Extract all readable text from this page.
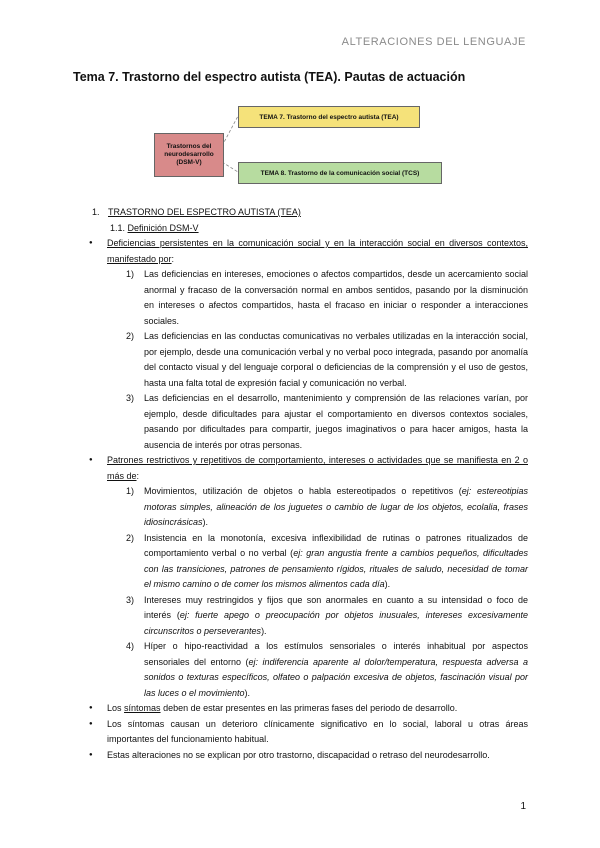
ALTERACIONES DEL LENGUAJE
Tema 7. Trastorno del espectro autista (TEA). Pautas de actuación
Trastornos del neurodesarrollo (DSM-V)
TEMA 7. Trastorno del espectro autista (TEA)
TEMA 8. Trastorno de la comunicación social (TCS)
1. TRASTORNO DEL ESPECTRO AUTISTA (TEA)
1.1. Definición DSM-V
● Deficiencias persistentes en la comunicación social y en la interacción social en diversos contextos, manifestado por:
1) Las deficiencias en intereses, emociones o afectos compartidos, desde un acercamiento social anormal y fracaso de la conversación normal en ambos sentidos, pasando por la disminución en intereses o afectos compartidos, hasta el fracaso en iniciar o responder a interacciones sociales.
2) Las deficiencias en las conductas comunicativas no verbales utilizadas en la interacción social, por ejemplo, desde una comunicación verbal y no verbal poco integrada, pasando por anomalía del contacto visual y del lenguaje corporal o deficiencias de la comprensión y el uso de gestos, hasta una falta total de expresión facial y comunicación no verbal.
3) Las deficiencias en el desarrollo, mantenimiento y comprensión de las relaciones varían, por ejemplo, desde dificultades para ajustar el comportamiento en diversos contextos sociales, pasando por dificultades para compartir, juegos imaginativos o para hacer amigos, hasta la ausencia de interés por otras personas.
● Patrones restrictivos y repetitivos de comportamiento, intereses o actividades que se manifiesta en 2 o más de:
1) Movimientos, utilización de objetos o habla estereotipados o repetitivos (ej: estereotipias motoras simples, alineación de los juguetes o cambio de lugar de los objetos, ecolalia, frases idiosincrásicas).
2) Insistencia en la monotonía, excesiva inflexibilidad de rutinas o patrones ritualizados de comportamiento verbal o no verbal (ej: gran angustia frente a cambios pequeños, dificultades con las transiciones, patrones de pensamiento rígidos, rituales de saludo, necesidad de tomar el mismo camino o de comer los mismos alimentos cada día).
3) Intereses muy restringidos y fijos que son anormales en cuanto a su intensidad o foco de interés (ej: fuerte apego o preocupación por objetos inusuales, intereses excesivamente circunscritos o perseverantes).
4) Híper o hipo-reactividad a los estímulos sensoriales o interés inhabitual por aspectos sensoriales del entorno (ej: indiferencia aparente al dolor/temperatura, respuesta adversa a sonidos o texturas específicos, olfateo o palpación excesiva de objetos, fascinación visual por las luces o el movimiento).
● Los síntomas deben de estar presentes en las primeras fases del periodo de desarrollo.
● Los síntomas causan un deterioro clínicamente significativo en lo social, laboral u otras áreas importantes del funcionamiento habitual.
● Estas alteraciones no se explican por otro trastorno, discapacidad o retraso del neurodesarrollo.
1
